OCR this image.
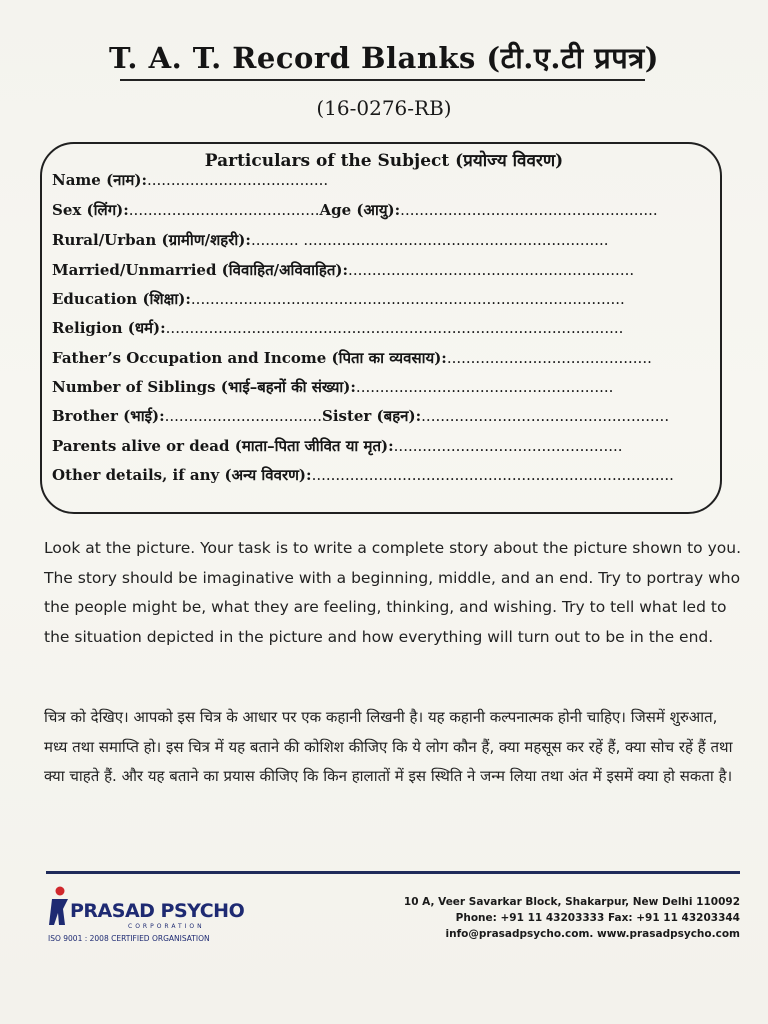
T. A. T. Record Blanks (टी.ए.टी प्रपत्र)
(16-0276-RB)
Particulars of the Subject (प्रयोज्य विवरण)
Name (नाम):......................................
Sex (लिंग):........................................Age (आयु):......................................................
Rural/Urban (ग्रामीण/शहरी):.......... ................................................................
Married/Unmarried (विवाहित/अविवाहित):............................................................
Education (शिक्षा):...........................................................................................
Religion (धर्म):................................................................................................
Father’s Occupation and Income (पिता का व्यवसाय):...........................................
Number of Siblings (भाई–बहनों की संख्या):......................................................
Brother (भाई):.................................Sister (बहन):....................................................
Parents alive or dead (माता–पिता जीवित या मृत):................................................
Other details, if any (अन्य विवरण):............................................................................
Look at the picture. Your task is to write a complete story about the picture shown to you. The story should be imaginative with a beginning, middle, and an end. Try to portray who the people might be, what they are feeling, thinking, and wishing. Try to tell what led to the situation depicted in the picture and how everything will turn out to be in the end.
चित्र को देखिए। आपको इस चित्र के आधार पर एक कहानी लिखनी है। यह कहानी कल्पनात्मक होनी चाहिए। जिसमें शुरुआत, मध्य तथा समाप्ति हो। इस चित्र में यह बताने की कोशिश कीजिए कि ये लोग कौन हैं, क्या महसूस कर रहें हैं, क्या सोच रहें हैं तथा क्या चाहते हैं. और यह बताने का प्रयास कीजिए कि किन हालातों में इस स्थिति ने जन्म लिया तथा अंत में इसमें क्या हो सकता है।
PRASAD PSYCHO
CORPORATION
ISO 9001 : 2008 CERTIFIED ORGANISATION
10 A, Veer Savarkar Block, Shakarpur, New Delhi 110092
Phone: +91 11 43203333 Fax: +91 11 43203344
info@prasadpsycho.com. www.prasadpsycho.com
